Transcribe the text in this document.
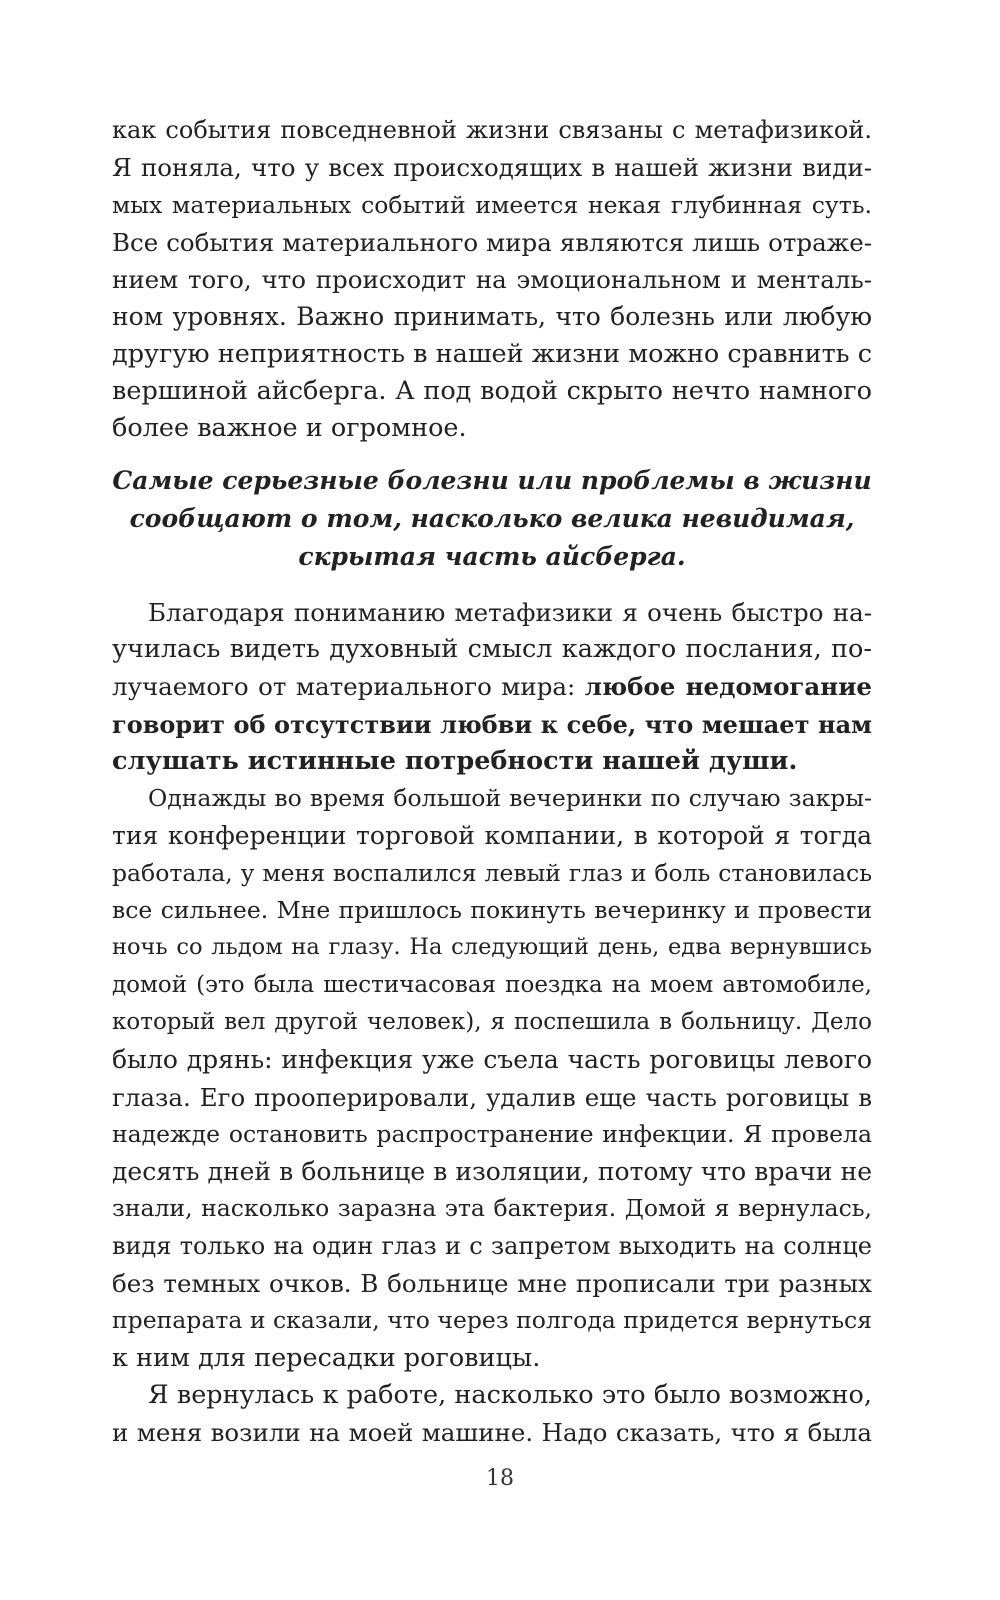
как события повседневной жизни связаны с метафизикой.
Я поняла, что у всех происходящих в нашей жизни види-
мых материальных событий имеется некая глубинная суть.
Все события материального мира являются лишь отраже-
нием того, что происходит на эмоциональном и менталь-
ном уровнях. Важно принимать, что болезнь или любую
другую неприятность в нашей жизни можно сравнить с
вершиной айсберга. А под водой скрыто нечто намного
более важное и огромное.
Самые серьезные болезни или проблемы в жизни
сообщают о том, насколько велика невидимая,
скрытая часть айсберга.
Благодаря пониманию метафизики я очень быстро на-
училась видеть духовный смысл каждого послания, по-
лучаемого от материального мира: любое недомогание
говорит об отсутствии любви к себе, что мешает нам
слушать истинные потребности нашей души.
Однажды во время большой вечеринки по случаю закры-
тия конференции торговой компании, в которой я тогда
работала, у меня воспалился левый глаз и боль становилась
все сильнее. Мне пришлось покинуть вечеринку и провести
ночь со льдом на глазу. На следующий день, едва вернувшись
домой (это была шестичасовая поездка на моем автомобиле,
который вел другой человек), я поспешила в больницу. Дело
было дрянь: инфекция уже съела часть роговицы левого
глаза. Его прооперировали, удалив еще часть роговицы в
надежде остановить распространение инфекции. Я провела
десять дней в больнице в изоляции, потому что врачи не
знали, насколько заразна эта бактерия. Домой я вернулась,
видя только на один глаз и с запретом выходить на солнце
без темных очков. В больнице мне прописали три разных
препарата и сказали, что через полгода придется вернуться
к ним для пересадки роговицы.
Я вернулась к работе, насколько это было возможно,
и меня возили на моей машине. Надо сказать, что я была
18
